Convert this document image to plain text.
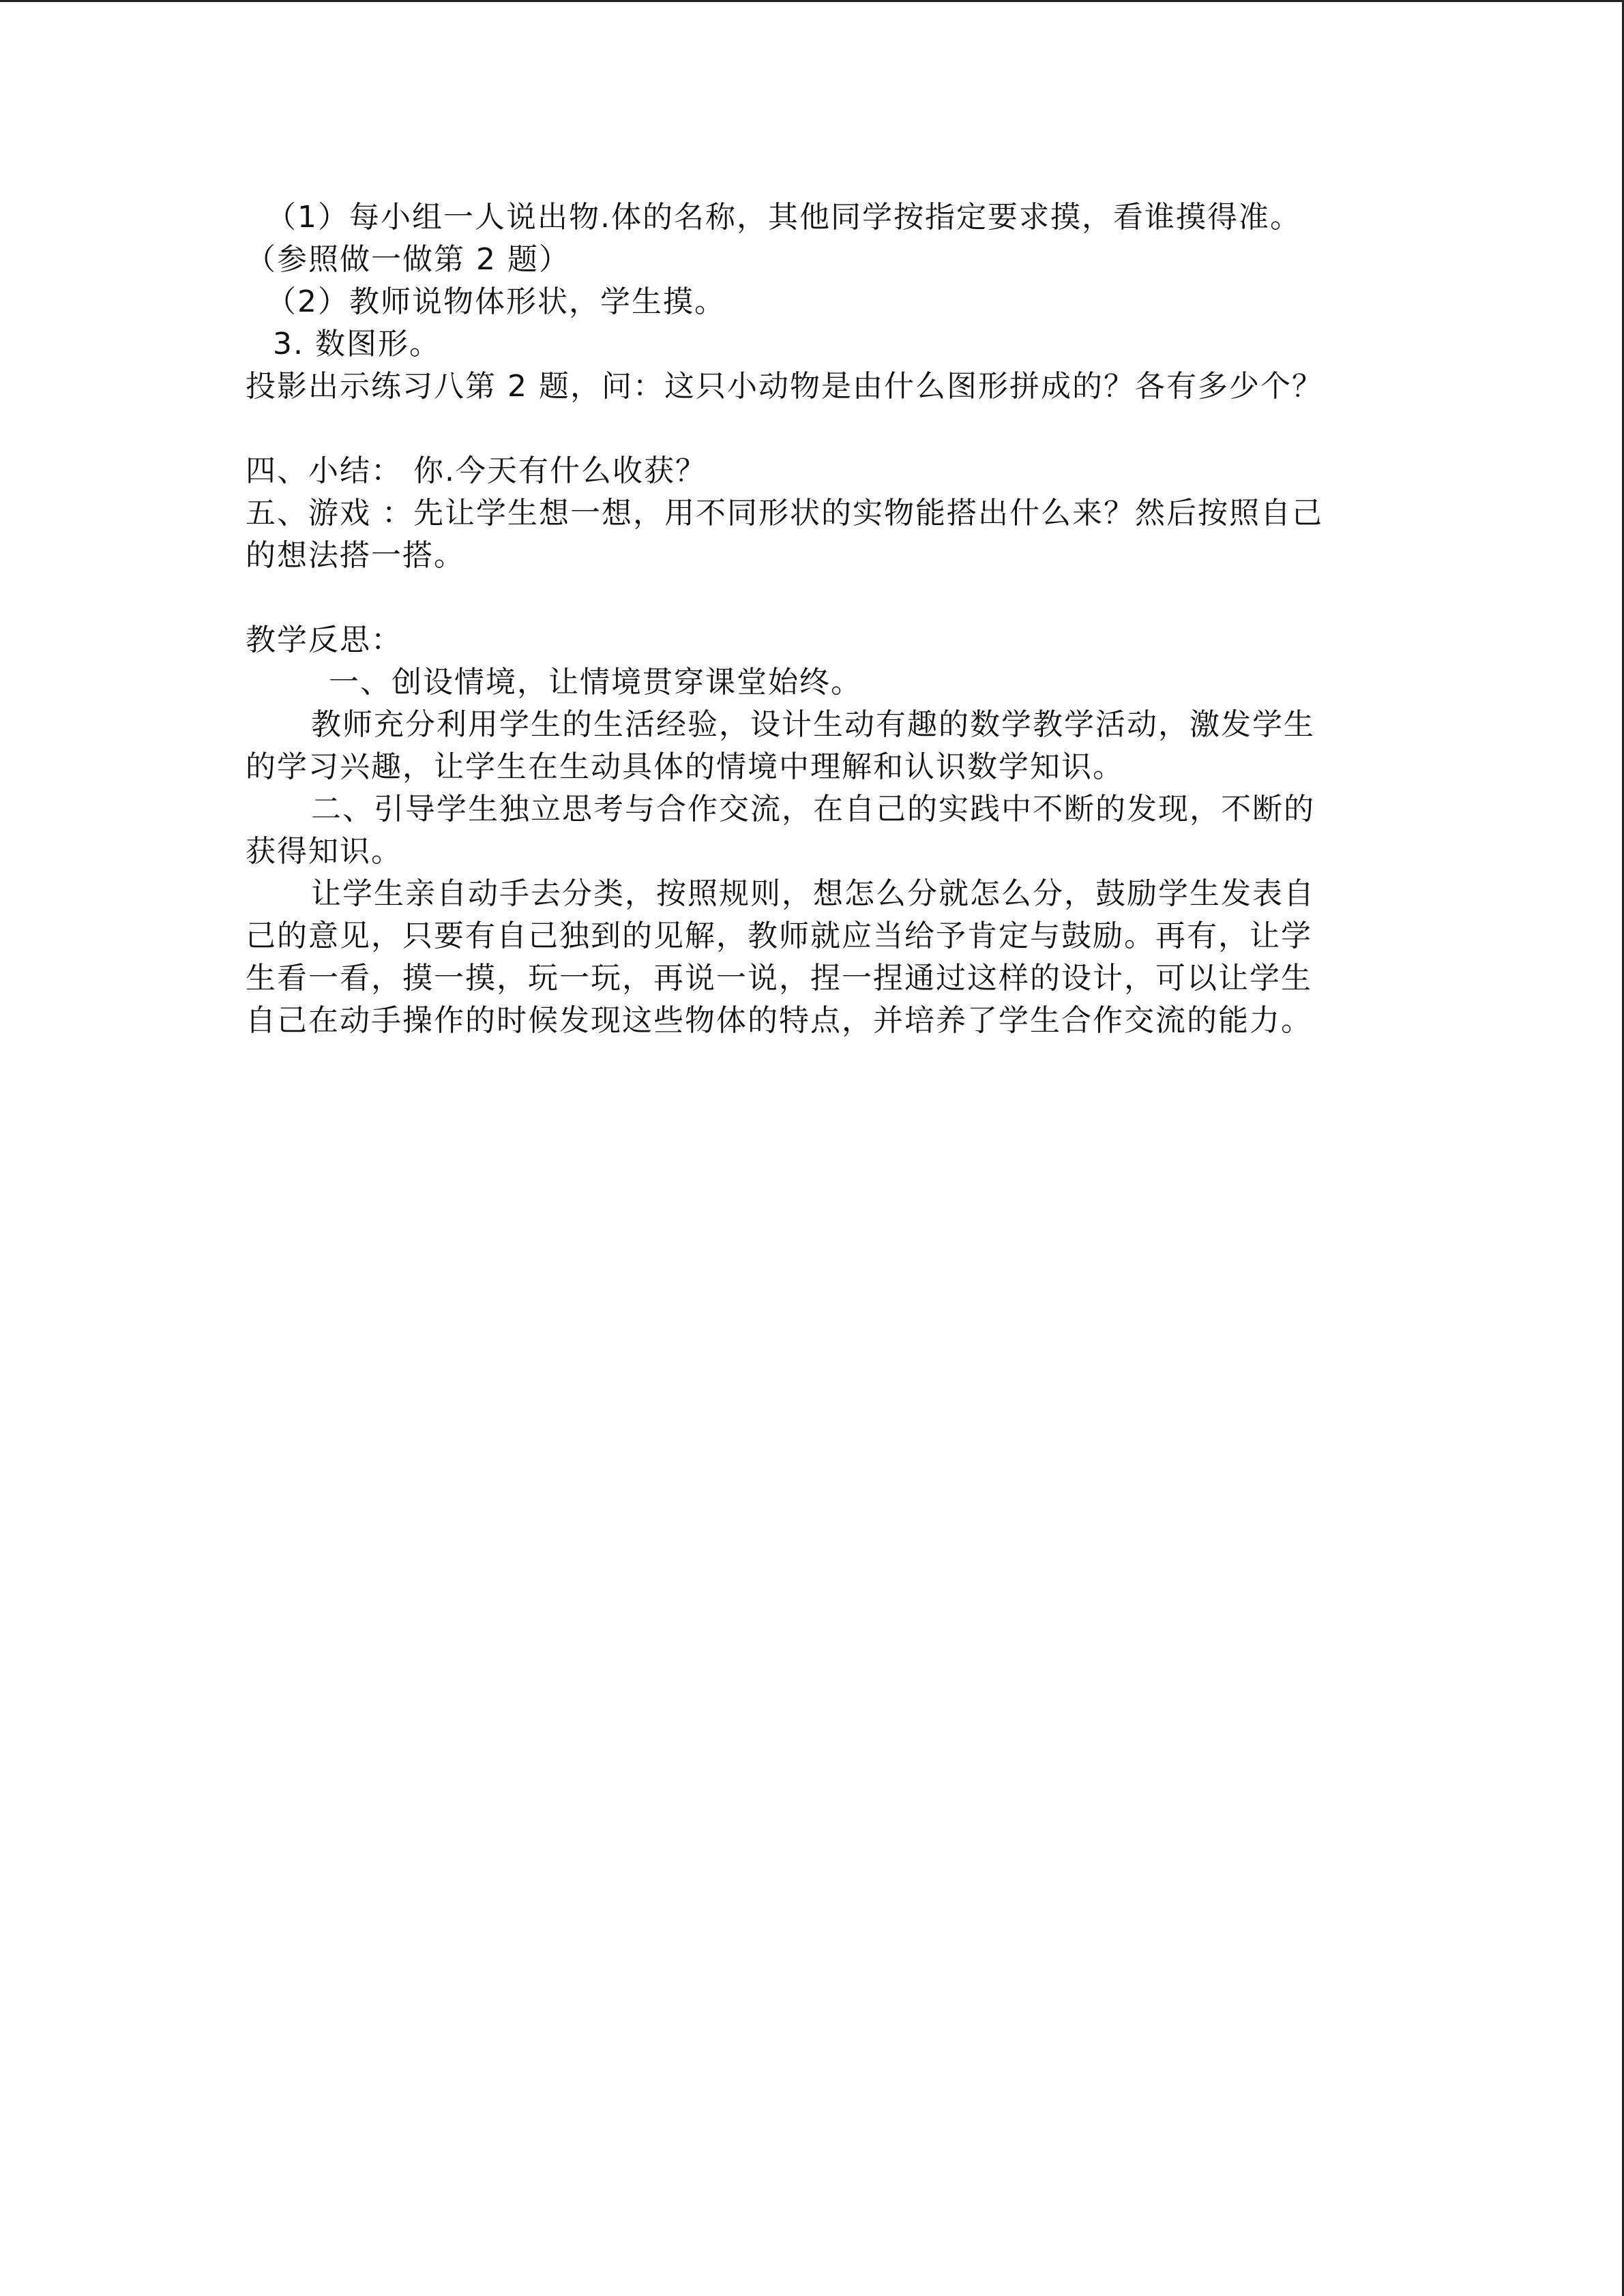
（1）每小组一人说出物.体的名称，其他同学按指定要求摸，看谁摸得准。
（参照做一做第 2 题）
（2）教师说物体形状，学生摸。
3. 数图形。
投影出示练习八第 2 题，问：这只小动物是由什么图形拼成的？各有多少个？
四、小结： 你.今天有什么收获？
五、游戏 ：先让学生想一想，用不同形状的实物能搭出什么来？然后按照自己
的想法搭一搭。
教学反思：
一、创设情境，让情境贯穿课堂始终。
教师充分利用学生的生活经验，设计生动有趣的数学教学活动，激发学生
的学习兴趣，让学生在生动具体的情境中理解和认识数学知识。
二、引导学生独立思考与合作交流，在自己的实践中不断的发现，不断的
获得知识。
让学生亲自动手去分类，按照规则，想怎么分就怎么分，鼓励学生发表自
己的意见，只要有自己独到的见解，教师就应当给予肯定与鼓励。再有，让学
生看一看，摸一摸，玩一玩，再说一说，捏一捏通过这样的设计，可以让学生
自己在动手操作的时候发现这些物体的特点，并培养了学生合作交流的能力。
